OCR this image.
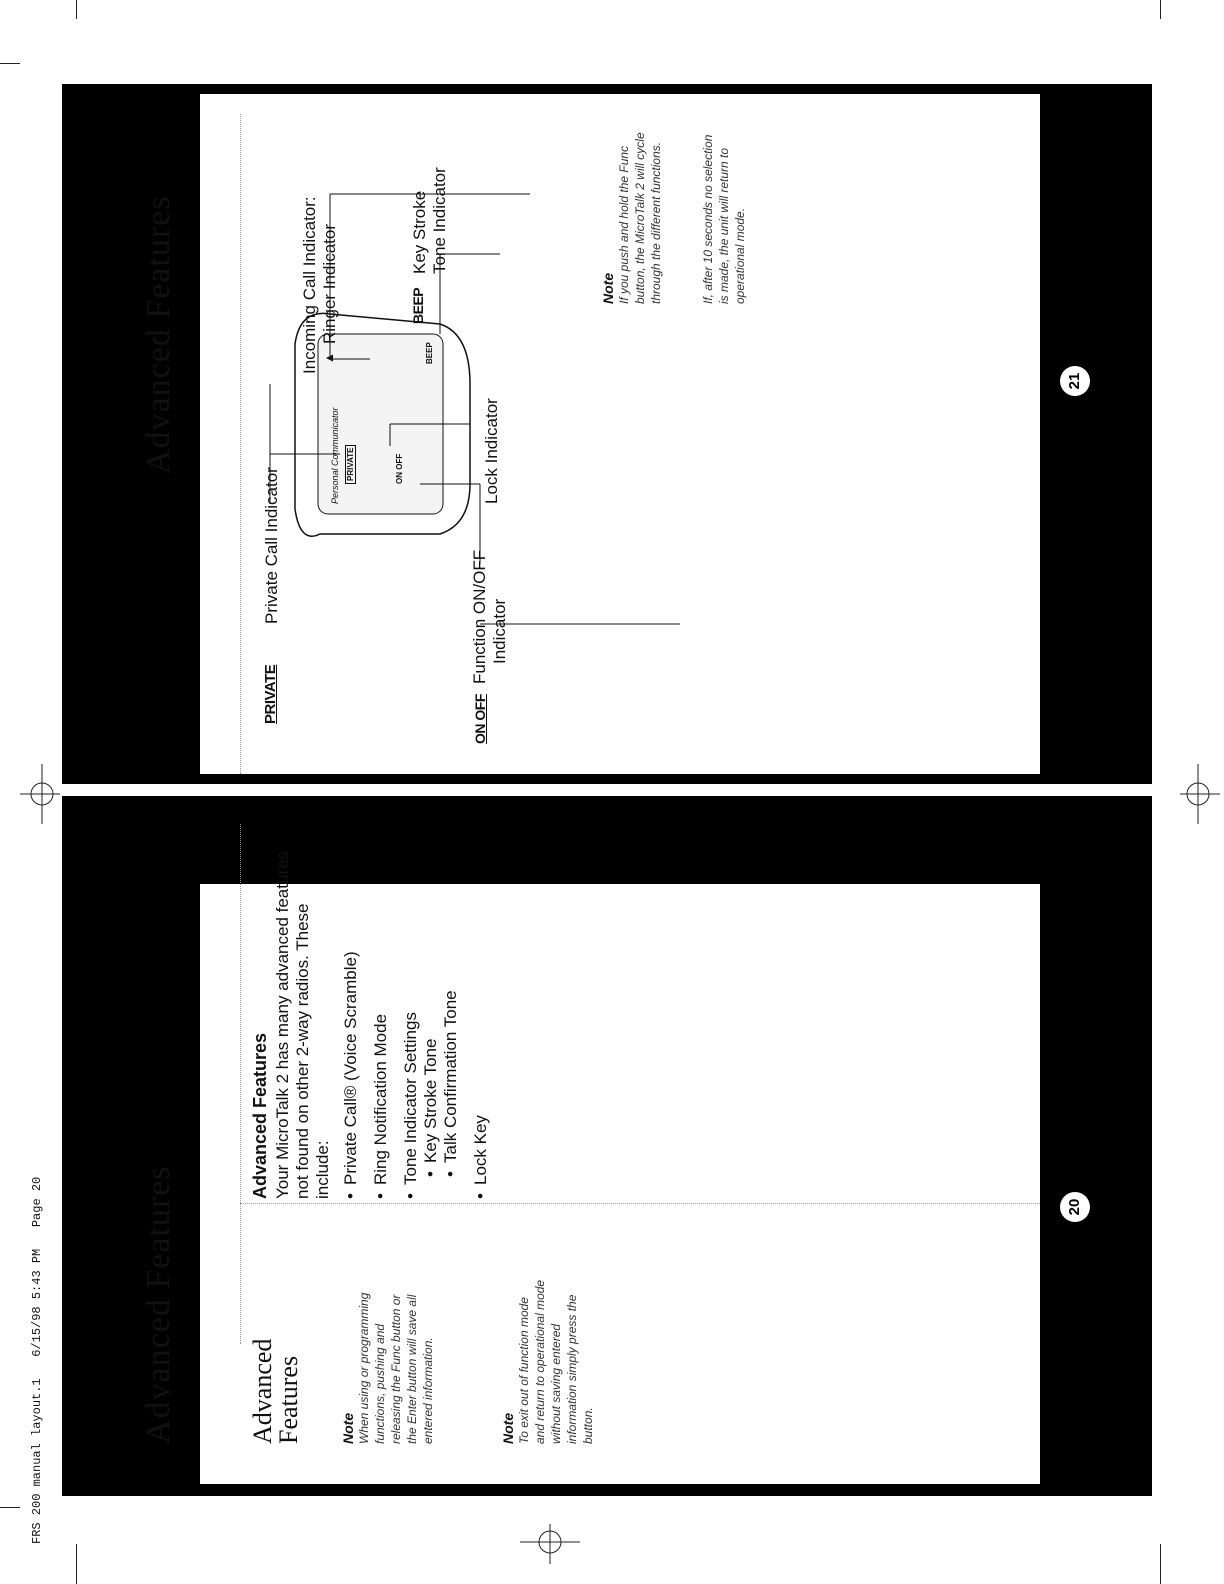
FRS 200 manual layout.1   6/15/98 5:43 PM   Page 20	Advanced Features	20
Advanced Features	Note When using or programming functions, pushing and releasing the Func button or the Enter button will save all entered information.	Note To exit out of function mode and return to operational mode without saving entered information simply press the button.
Advanced Features Your MicroTalk 2 has many advanced features not found on other 2-way radios. These include: • Private Call® (Voice Scramble) • Ring Notification Mode • Tone Indicator Settings • Key Stroke Tone • Talk Confirmation Tone • Lock Key
Advanced Features	21
Personal Communicator PRIVATE	ON OFF
BEEP
PRIVATE
Private Call Indicator
Incoming Call Indicator: ▲
Ringer Indicator	BEEP
Key Stroke Tone Indicator
ON OFF
Function ON/OFF Indicator
Lock Indicator
Note If you push and hold the Func button, the MicroTalk 2 will cycle through the different functions.	If, after 10 seconds no selection is made, the unit will return to operational mode.
